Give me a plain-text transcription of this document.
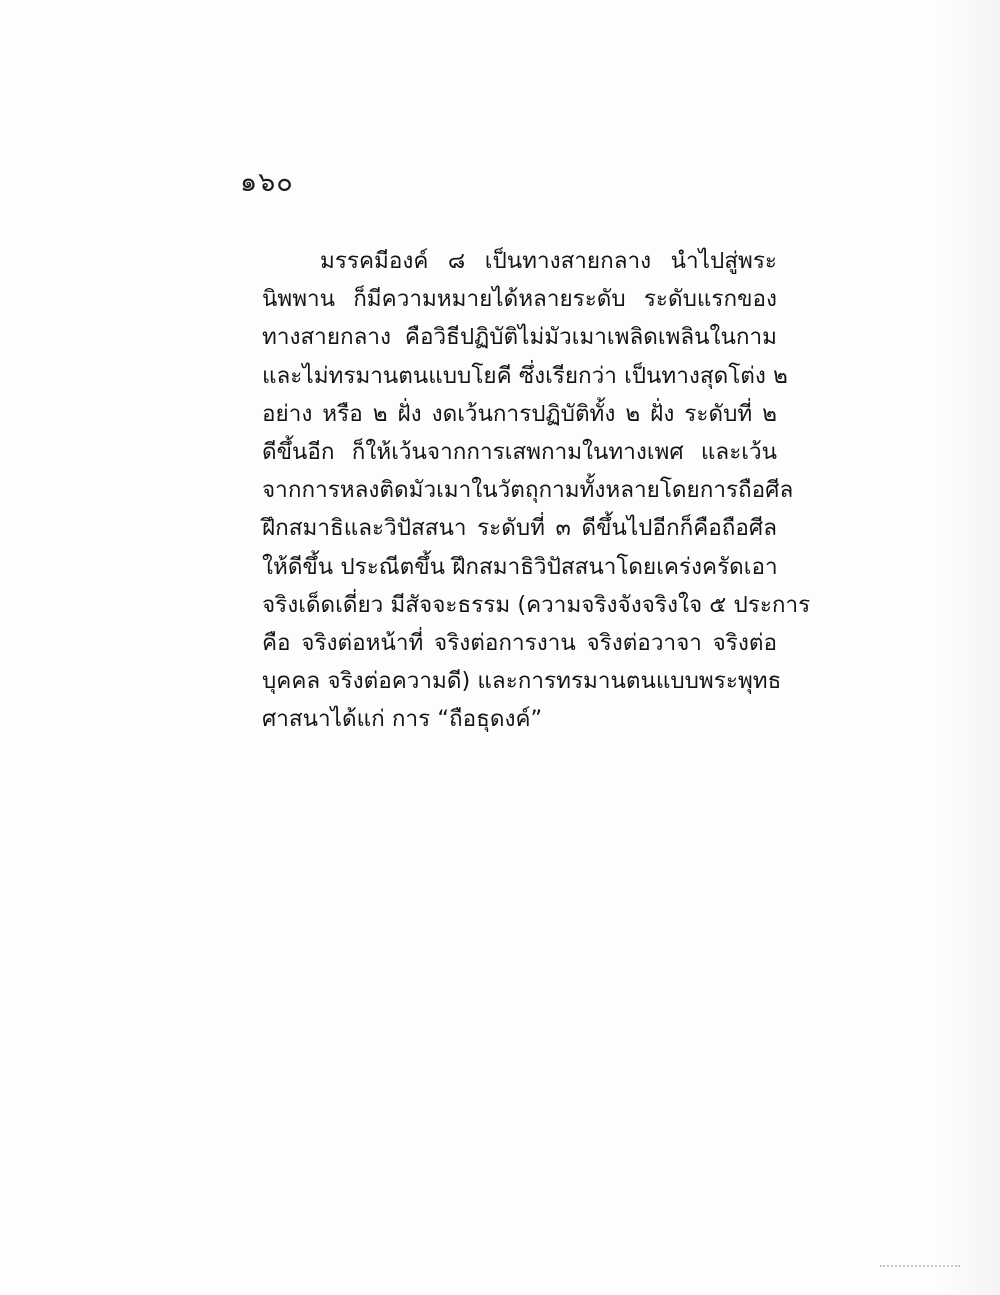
๑๖๐
มรรคมีองค์ ๘ เป็นทางสายกลาง นำไปสู่พระ
นิพพาน ก็มีความหมายได้หลายระดับ ระดับแรกของ
ทางสายกลาง คือวิธีปฏิบัติไม่มัวเมาเพลิดเพลินในกาม
และไม่ทรมานตนแบบโยคี ซึ่งเรียกว่า เป็นทางสุดโต่ง ๒
อย่าง หรือ ๒ ฝั่ง งดเว้นการปฏิบัติทั้ง ๒ ฝั่ง ระดับที่ ๒
ดีขึ้นอีก ก็ให้เว้นจากการเสพกามในทางเพศ และเว้น
จากการหลงติดมัวเมาในวัตถุกามทั้งหลายโดยการถือศีล
ฝึกสมาธิและวิปัสสนา ระดับที่ ๓ ดีขึ้นไปอีกก็คือถือศีล
ให้ดีขึ้น ประณีตขึ้น ฝึกสมาธิวิปัสสนาโดยเคร่งครัดเอา
จริงเด็ดเดี่ยว มีสัจจะธรรม (ความจริงจังจริงใจ ๕ ประการ
คือ จริงต่อหน้าที่ จริงต่อการงาน จริงต่อวาจา จริงต่อ
บุคคล จริงต่อความดี) และการทรมานตนแบบพระพุทธ
ศาสนาได้แก่ การ “ถือธุดงค์”
